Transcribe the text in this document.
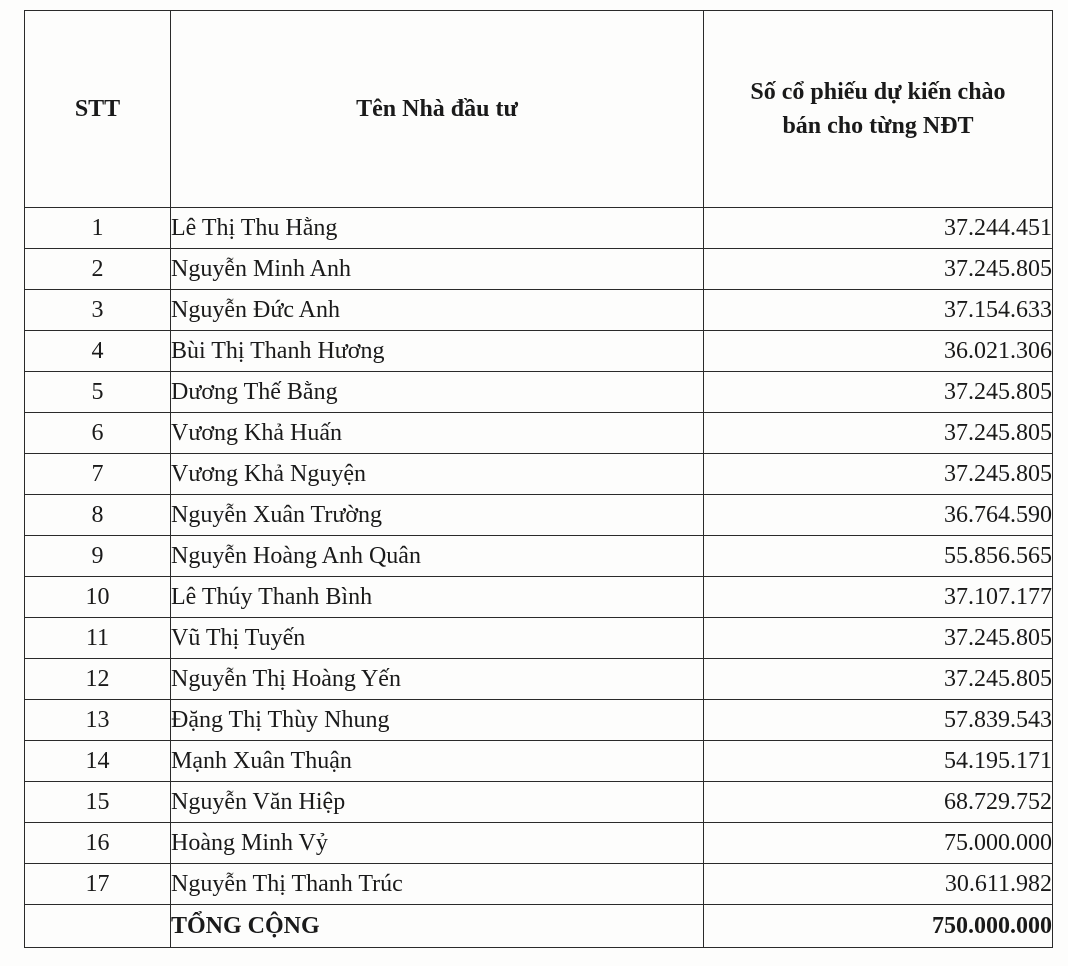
STT	Tên Nhà đầu tư	Số cổ phiếu dự kiến chào
bán cho từng NĐT

1	Lê Thị Thu Hằng	37.244.451
2	Nguyễn Minh Anh	37.245.805
3	Nguyễn Đức Anh	37.154.633
4	Bùi Thị Thanh Hương	36.021.306
5	Dương Thế Bằng	37.245.805
6	Vương Khả Huấn	37.245.805
7	Vương Khả Nguyện	37.245.805
8	Nguyễn Xuân Trường	36.764.590
9	Nguyễn Hoàng Anh Quân	55.856.565
10	Lê Thúy Thanh Bình	37.107.177
11	Vũ Thị Tuyến	37.245.805
12	Nguyễn Thị Hoàng Yến	37.245.805
13	Đặng Thị Thùy Nhung	57.839.543
14	Mạnh Xuân Thuận	54.195.171
15	Nguyễn Văn Hiệp	68.729.752
16	Hoàng Minh Vỷ	75.000.000
17	Nguyễn Thị Thanh Trúc	30.611.982
	TỔNG CỘNG	750.000.000
